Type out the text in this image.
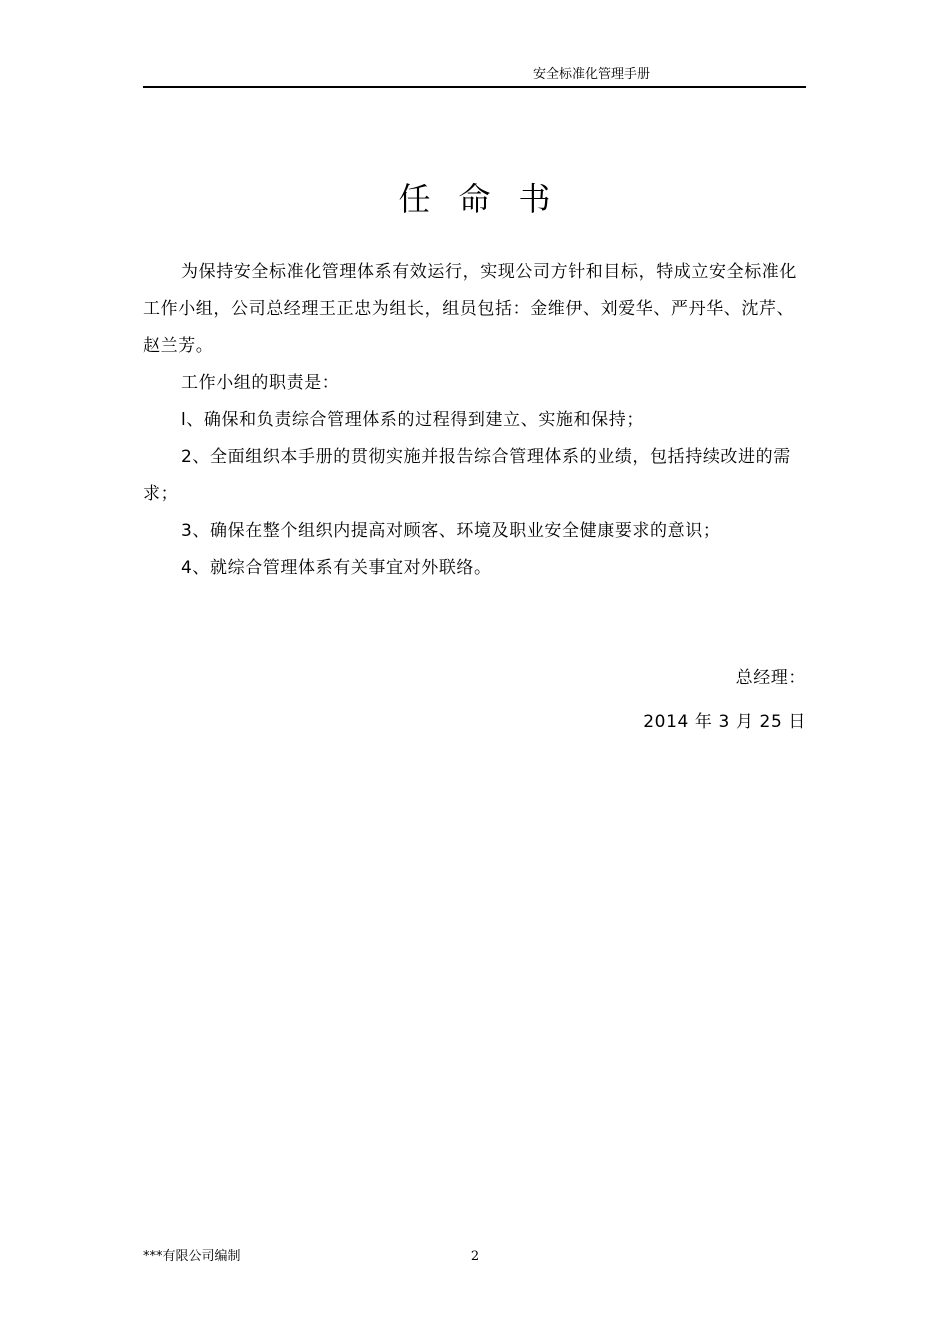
安全标准化管理手册
任命书

为保持安全标准化管理体系有效运行，实现公司方针和目标，特成立安全标准化工作小组，公司总经理王正忠为组长，组员包括：金维伊、刘爱华、严丹华、沈芹、赵兰芳。

工作小组的职责是：

l、确保和负责综合管理体系的过程得到建立、实施和保持；

2、全面组织本手册的贯彻实施并报告综合管理体系的业绩，包括持续改进的需求；

3、确保在整个组织内提高对顾客、环境及职业安全健康要求的意识；

4、就综合管理体系有关事宜对外联络。

总经理：
2014 年 3 月 25 日
***有限公司编制	2
